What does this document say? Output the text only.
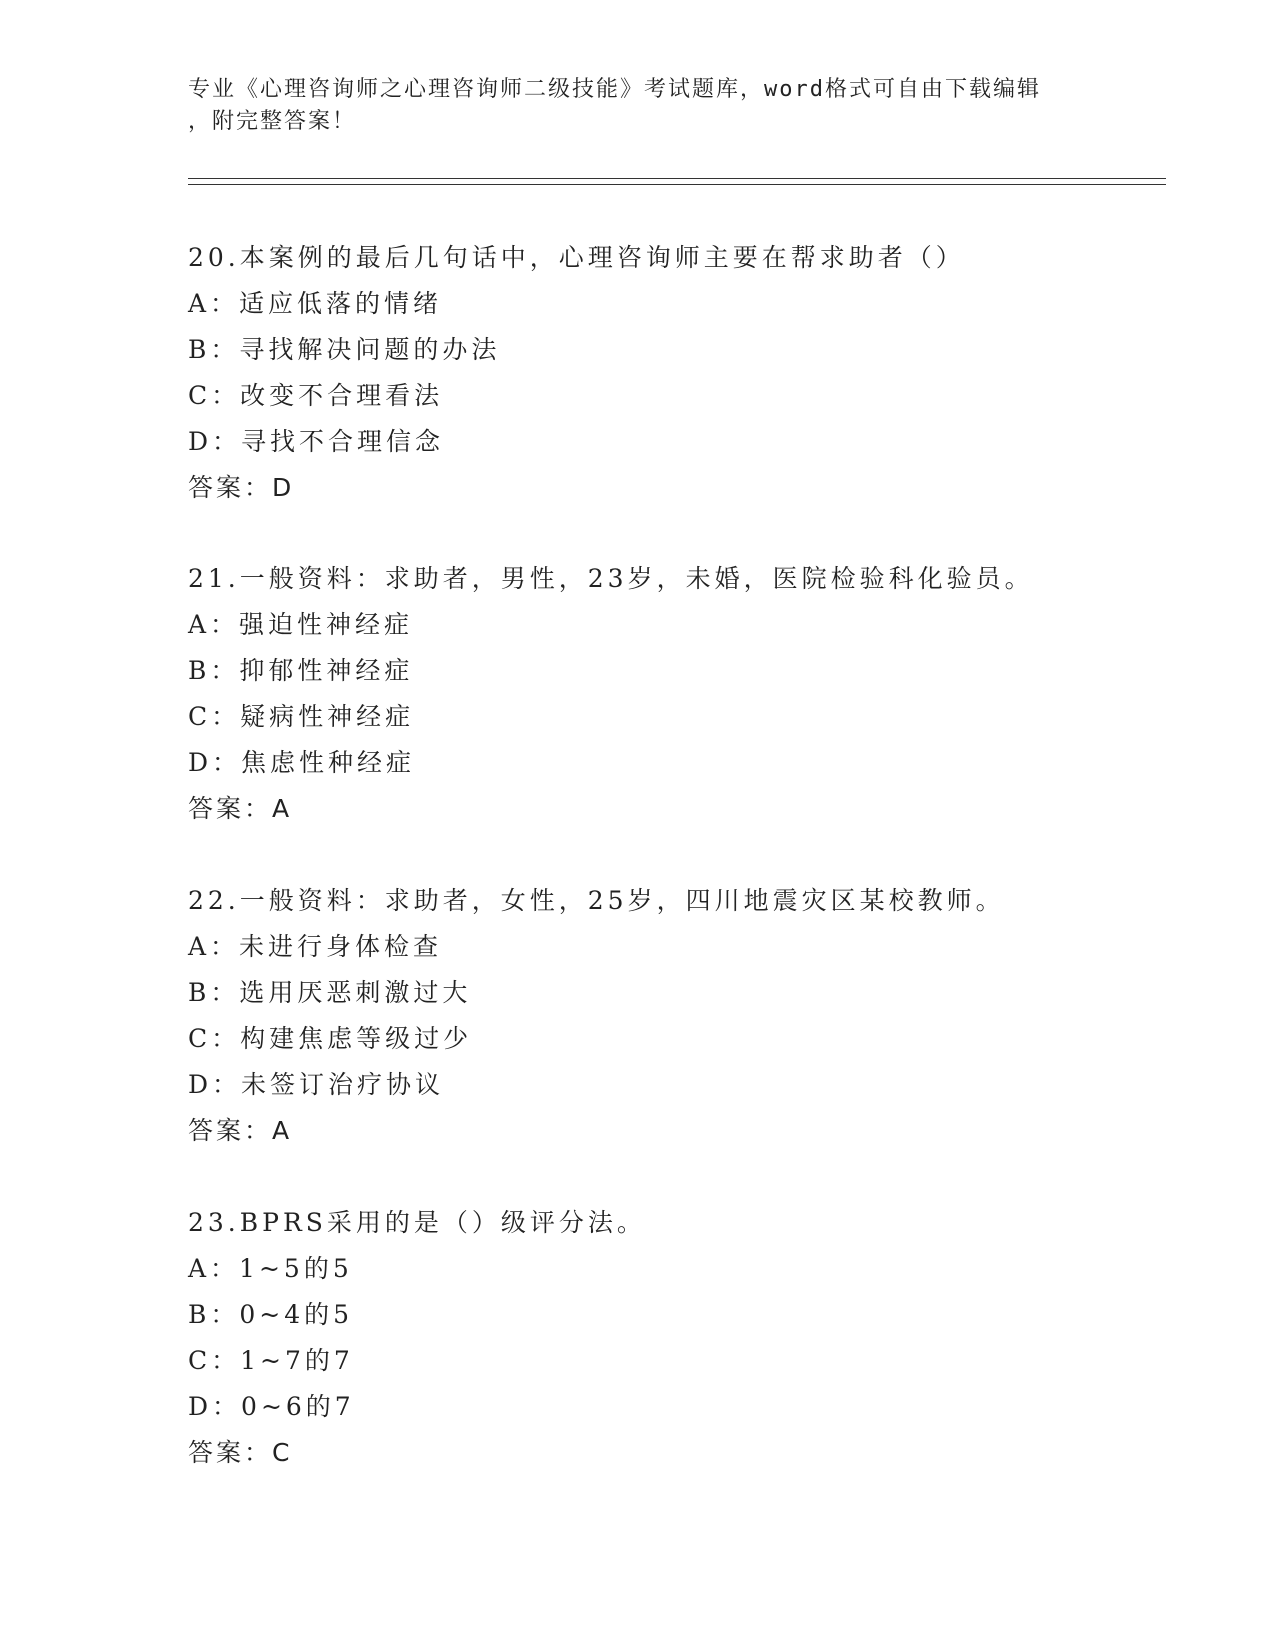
专业《心理咨询师之心理咨询师二级技能》考试题库，word格式可自由下载编辑
，附完整答案！
20.本案例的最后几句话中，心理咨询师主要在帮求助者（）
A：适应低落的情绪
B：寻找解决问题的办法
C：改变不合理看法
D：寻找不合理信念
答案：D
21.一般资料：求助者，男性，23岁，未婚，医院检验科化验员。
A：强迫性神经症
B：抑郁性神经症
C：疑病性神经症
D：焦虑性种经症
答案：A
22.一般资料：求助者，女性，25岁，四川地震灾区某校教师。
A：未进行身体检查
B：选用厌恶刺激过大
C：构建焦虑等级过少
D：未签订治疗协议
答案：A
23.BPRS采用的是（）级评分法。
A：1~5的5
B：0~4的5
C：1~7的7
D：0~6的7
答案：C
